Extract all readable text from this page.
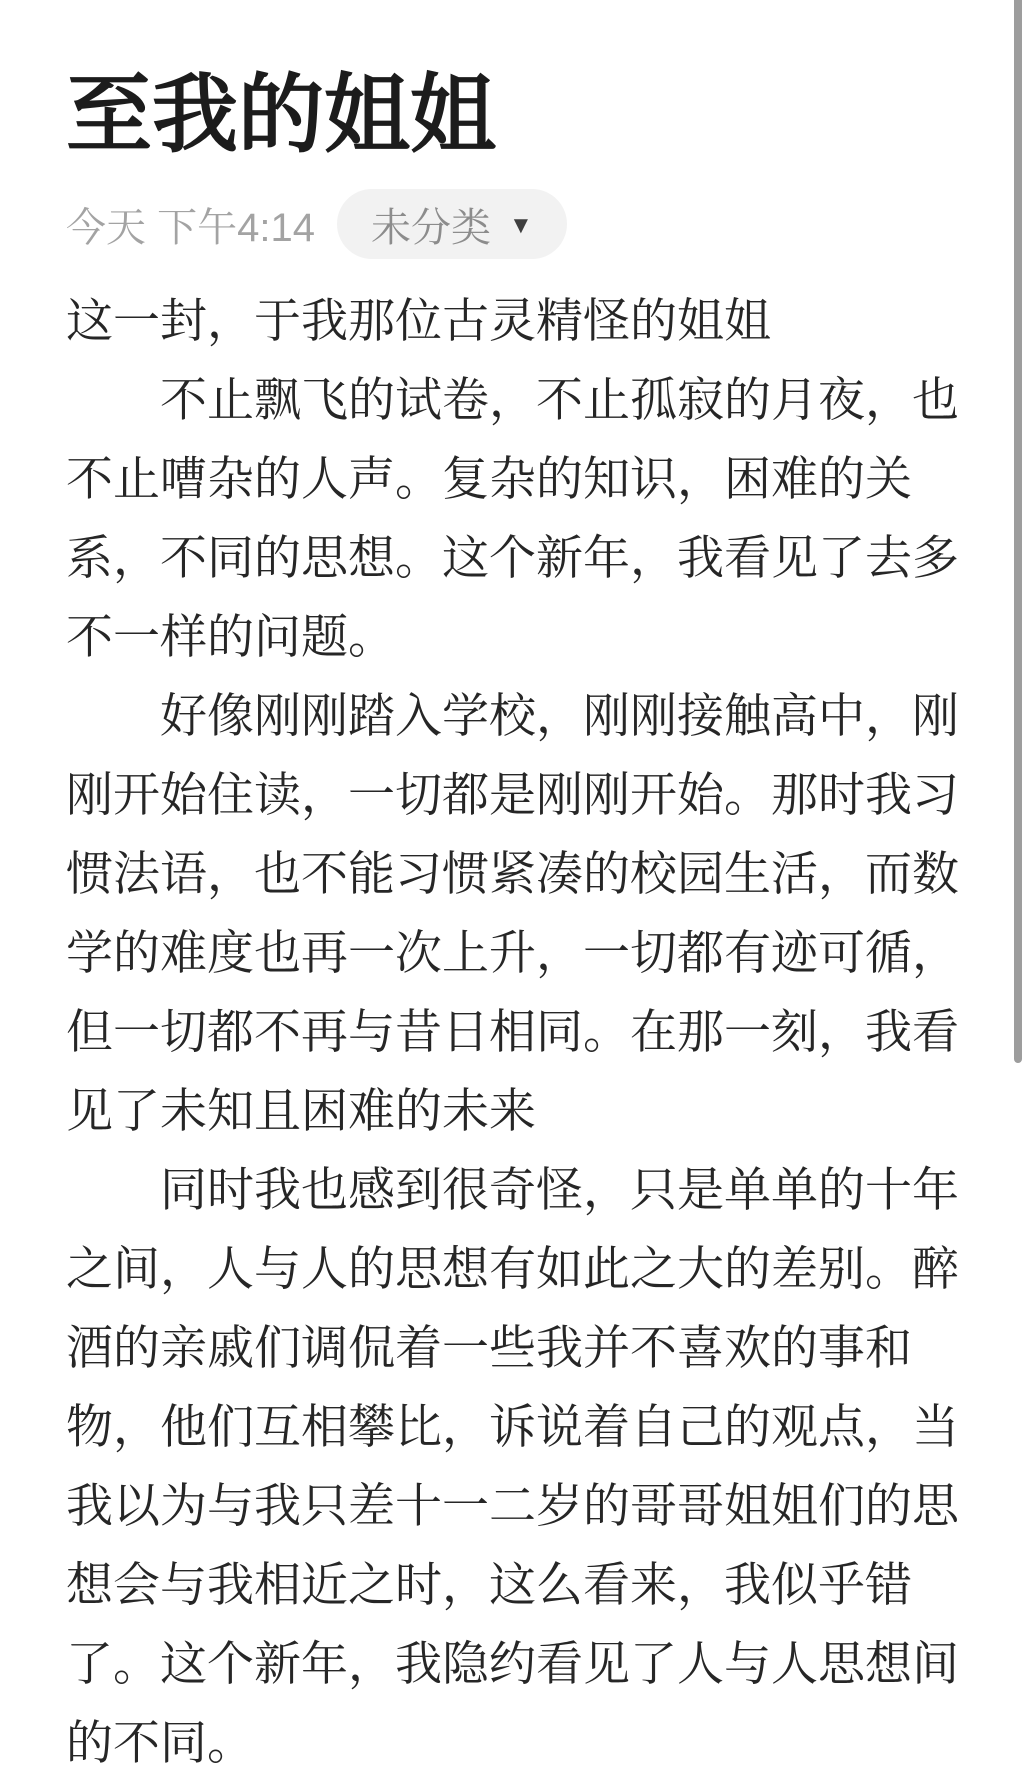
至我的姐姐
今天 下午4:14 未分类 ▼
这一封，于我那位古灵精怪的姐姐
不止飘飞的试卷，不止孤寂的月夜，也
不止嘈杂的人声。复杂的知识，困难的关
系，不同的思想。这个新年，我看见了去多
不一样的问题。
好像刚刚踏入学校，刚刚接触高中，刚
刚开始住读，一切都是刚刚开始。那时我习
惯法语，也不能习惯紧凑的校园生活，而数
学的难度也再一次上升，一切都有迹可循，
但一切都不再与昔日相同。在那一刻，我看
见了未知且困难的未来
同时我也感到很奇怪，只是单单的十年
之间，人与人的思想有如此之大的差别。醉
酒的亲戚们调侃着一些我并不喜欢的事和
物，他们互相攀比，诉说着自己的观点，当
我以为与我只差十一二岁的哥哥姐姐们的思
想会与我相近之时，这么看来，我似乎错
了。这个新年，我隐约看见了人与人思想间
的不同。
